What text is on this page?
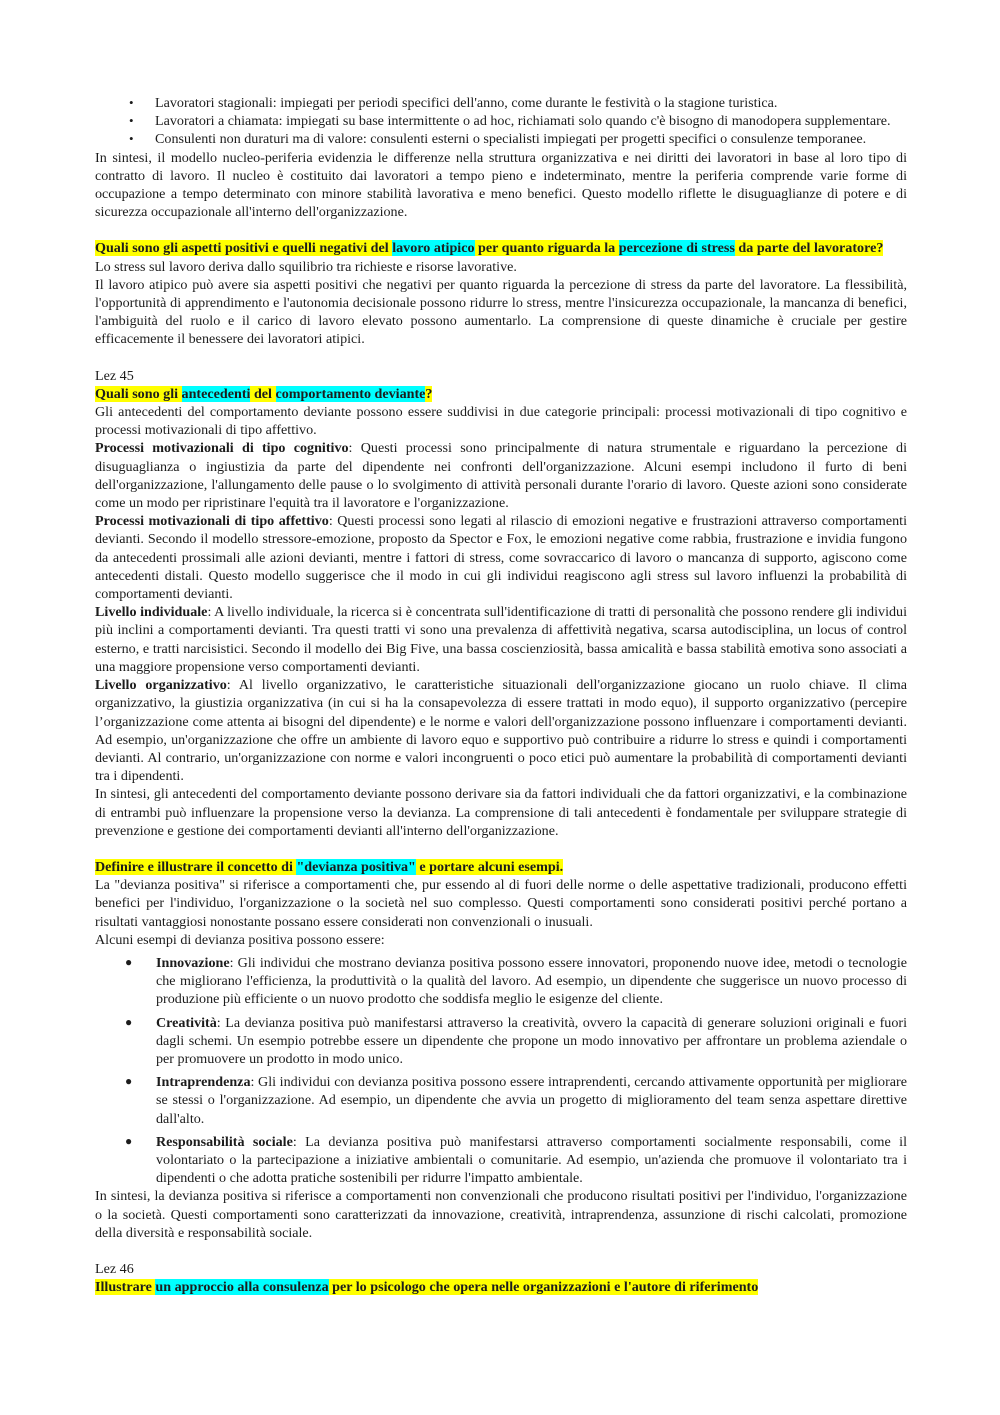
• Lavoratori stagionali: impiegati per periodi specifici dell'anno, come durante le festività o la stagione turistica.
• Lavoratori a chiamata: impiegati su base intermittente o ad hoc, richiamati solo quando c'è bisogno di manodopera supplementare.
• Consulenti non duraturi ma di valore: consulenti esterni o specialisti impiegati per progetti specifici o consulenze temporanee.

In sintesi, il modello nucleo-periferia evidenzia le differenze nella struttura organizzativa e nei diritti dei lavoratori in base al loro tipo di contratto di lavoro. Il nucleo è costituito dai lavoratori a tempo pieno e indeterminato, mentre la periferia comprende varie forme di occupazione a tempo determinato con minore stabilità lavorativa e meno benefici. Questo modello riflette le disuguaglianze di potere e di sicurezza occupazionale all'interno dell'organizzazione.

Quali sono gli aspetti positivi e quelli negativi del lavoro atipico per quanto riguarda la percezione di stress da parte del lavoratore?

Lo stress sul lavoro deriva dallo squilibrio tra richieste e risorse lavorative.

Il lavoro atipico può avere sia aspetti positivi che negativi per quanto riguarda la percezione di stress da parte del lavoratore. La flessibilità, l'opportunità di apprendimento e l'autonomia decisionale possono ridurre lo stress, mentre l'insicurezza occupazionale, la mancanza di benefici, l'ambiguità del ruolo e il carico di lavoro elevato possono aumentarlo. La comprensione di queste dinamiche è cruciale per gestire efficacemente il benessere dei lavoratori atipici.

Lez 45

Quali sono gli antecedenti del comportamento deviante?

Gli antecedenti del comportamento deviante possono essere suddivisi in due categorie principali: processi motivazionali di tipo cognitivo e processi motivazionali di tipo affettivo.

Processi motivazionali di tipo cognitivo: Questi processi sono principalmente di natura strumentale e riguardano la percezione di disuguaglianza o ingiustizia da parte del dipendente nei confronti dell'organizzazione. Alcuni esempi includono il furto di beni dell'organizzazione, l'allungamento delle pause o lo svolgimento di attività personali durante l'orario di lavoro. Queste azioni sono considerate come un modo per ripristinare l'equità tra il lavoratore e l'organizzazione.

Processi motivazionali di tipo affettivo: Questi processi sono legati al rilascio di emozioni negative e frustrazioni attraverso comportamenti devianti. Secondo il modello stressore-emozione, proposto da Spector e Fox, le emozioni negative come rabbia, frustrazione e invidia fungono da antecedenti prossimali alle azioni devianti, mentre i fattori di stress, come sovraccarico di lavoro o mancanza di supporto, agiscono come antecedenti distali. Questo modello suggerisce che il modo in cui gli individui reagiscono agli stress sul lavoro influenzi la probabilità di comportamenti devianti.

Livello individuale: A livello individuale, la ricerca si è concentrata sull'identificazione di tratti di personalità che possono rendere gli individui più inclini a comportamenti devianti. Tra questi tratti vi sono una prevalenza di affettività negativa, scarsa autodisciplina, un locus of control esterno, e tratti narcisistici. Secondo il modello dei Big Five, una bassa coscienziosità, bassa amicalità e bassa stabilità emotiva sono associati a una maggiore propensione verso comportamenti devianti.

Livello organizzativo: Al livello organizzativo, le caratteristiche situazionali dell'organizzazione giocano un ruolo chiave. Il clima organizzativo, la giustizia organizzativa (in cui si ha la consapevolezza di essere trattati in modo equo), il supporto organizzativo (percepire l’organizzazione come attenta ai bisogni del dipendente) e le norme e valori dell'organizzazione possono influenzare i comportamenti devianti. Ad esempio, un'organizzazione che offre un ambiente di lavoro equo e supportivo può contribuire a ridurre lo stress e quindi i comportamenti devianti. Al contrario, un'organizzazione con norme e valori incongruenti o poco etici può aumentare la probabilità di comportamenti devianti tra i dipendenti.

In sintesi, gli antecedenti del comportamento deviante possono derivare sia da fattori individuali che da fattori organizzativi, e la combinazione di entrambi può influenzare la propensione verso la devianza. La comprensione di tali antecedenti è fondamentale per sviluppare strategie di prevenzione e gestione dei comportamenti devianti all'interno dell'organizzazione.

Definire e illustrare il concetto di "devianza positiva" e portare alcuni esempi.

La "devianza positiva" si riferisce a comportamenti che, pur essendo al di fuori delle norme o delle aspettative tradizionali, producono effetti benefici per l'individuo, l'organizzazione o la società nel suo complesso. Questi comportamenti sono considerati positivi perché portano a risultati vantaggiosi nonostante possano essere considerati non convenzionali o inusuali.

Alcuni esempi di devianza positiva possono essere:

● Innovazione: Gli individui che mostrano devianza positiva possono essere innovatori, proponendo nuove idee, metodi o tecnologie che migliorano l'efficienza, la produttività o la qualità del lavoro. Ad esempio, un dipendente che suggerisce un nuovo processo di produzione più efficiente o un nuovo prodotto che soddisfa meglio le esigenze del cliente.
● Creatività: La devianza positiva può manifestarsi attraverso la creatività, ovvero la capacità di generare soluzioni originali e fuori dagli schemi. Un esempio potrebbe essere un dipendente che propone un modo innovativo per affrontare un problema aziendale o per promuovere un prodotto in modo unico.
● Intraprendenza: Gli individui con devianza positiva possono essere intraprendenti, cercando attivamente opportunità per migliorare se stessi o l'organizzazione. Ad esempio, un dipendente che avvia un progetto di miglioramento del team senza aspettare direttive dall'alto.
● Responsabilità sociale: La devianza positiva può manifestarsi attraverso comportamenti socialmente responsabili, come il volontariato o la partecipazione a iniziative ambientali o comunitarie. Ad esempio, un'azienda che promuove il volontariato tra i dipendenti o che adotta pratiche sostenibili per ridurre l'impatto ambientale.

In sintesi, la devianza positiva si riferisce a comportamenti non convenzionali che producono risultati positivi per l'individuo, l'organizzazione o la società. Questi comportamenti sono caratterizzati da innovazione, creatività, intraprendenza, assunzione di rischi calcolati, promozione della diversità e responsabilità sociale.

Lez 46

Illustrare un approccio alla consulenza per lo psicologo che opera nelle organizzazioni e l'autore di riferimento
